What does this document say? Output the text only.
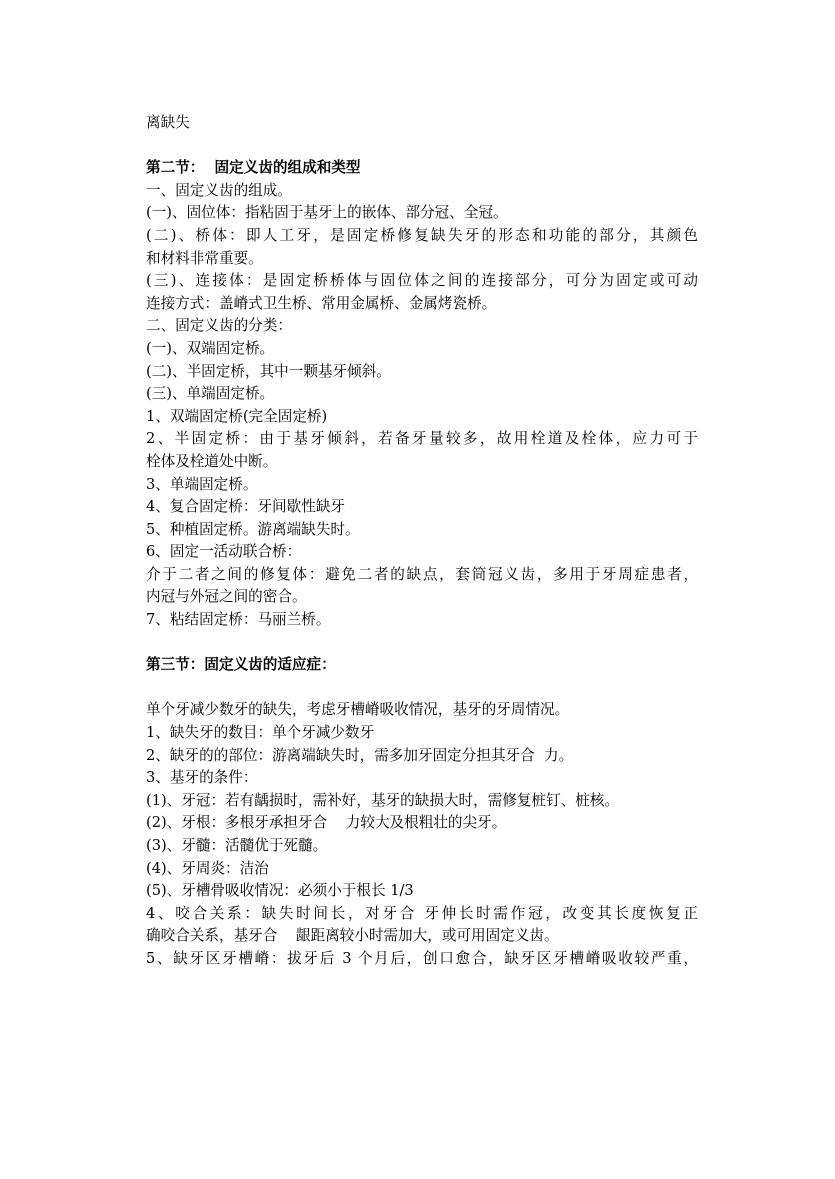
离缺失
第二节：  固定义齿的组成和类型
一、固定义齿的组成。
(一)、固位体：指粘固于基牙上的嵌体、部分冠、全冠。
(二)、桥体：即人工牙，是固定桥修复缺失牙的形态和功能的部分，其颜色
和材料非常重要。
(三)、连接体：是固定桥桥体与固位体之间的连接部分，可分为固定或可动
连接方式：盖嵴式卫生桥、常用金属桥、金属烤瓷桥。
二、固定义齿的分类：
(一)、双端固定桥。
(二)、半固定桥，其中一颗基牙倾斜。
(三)、单端固定桥。
1、双端固定桥(完全固定桥)
2、半固定桥：由于基牙倾斜，若备牙量较多，故用栓道及栓体，应力可于
栓体及栓道处中断。
3、单端固定桥。
4、复合固定桥：牙间歇性缺牙
5、种植固定桥。游离端缺失时。
6、固定一活动联合桥：
介于二者之间的修复体：避免二者的缺点，套筒冠义齿，多用于牙周症患者，
内冠与外冠之间的密合。
7、粘结固定桥：马丽兰桥。
第三节：固定义齿的适应症：
单个牙减少数牙的缺失，考虑牙槽嵴吸收情况，基牙的牙周情况。
1、缺失牙的数目：单个牙减少数牙
2、缺牙的的部位：游离端缺失时，需多加牙固定分担其牙合  力。
3、基牙的条件：
(1)、牙冠：若有龋损时，需补好，基牙的缺损大时，需修复桩钉、桩核。
(2)、牙根：多根牙承担牙合    力较大及根粗壮的尖牙。
(3)、牙髓：活髓优于死髓。
(4)、牙周炎：洁治
(5)、牙槽骨吸收情况：必须小于根长 1/3
4、咬合关系：缺失时间长，对牙合 牙伸长时需作冠，改变其长度恢复正
确咬合关系，基牙合    龈距离较小时需加大，或可用固定义齿。
5、缺牙区牙槽嵴：拔牙后 3 个月后，创口愈合，缺牙区牙槽嵴吸收较严重，
